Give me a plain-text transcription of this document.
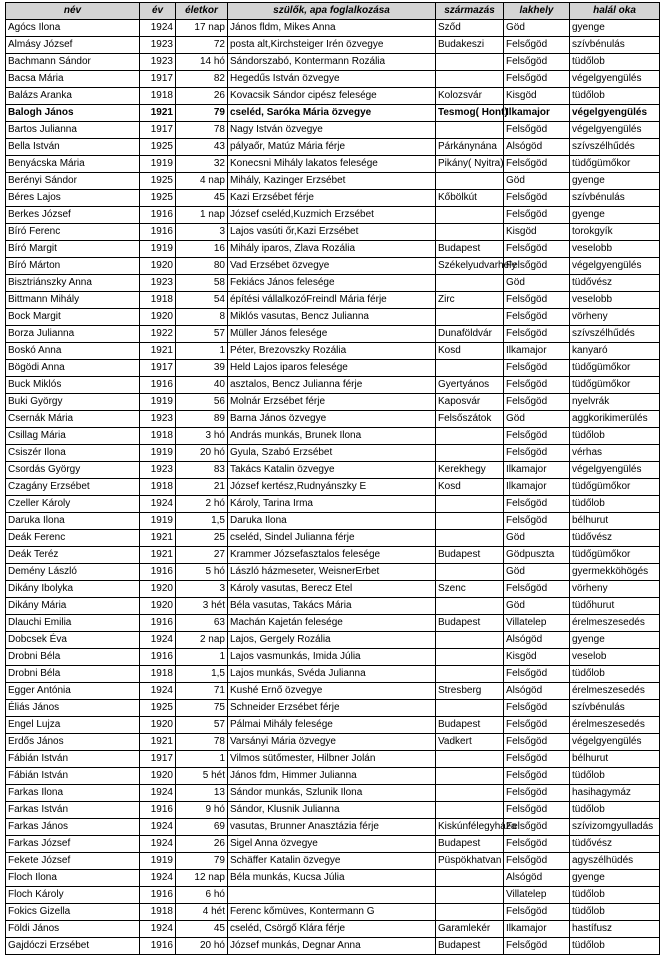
név	év	életkor	szülők, apa foglalkozása	származás	lakhely	halál oka
Agócs Ilona	1924	17 nap	János fldm, Mikes Anna	Sződ	Göd	gyenge
Almásy József	1923	72	posta alt,Kirchsteiger Irén özvegye	Budakeszi	Felsőgöd	szívbénulás
Bachmann Sándor	1923	14 hó	Sándorszabó, Kontermann Rozália		Felsőgöd	tüdőlob
Bacsa Mária	1917	82	Hegedűs István özvegye		Felsőgöd	végelgyengülés
Balázs Aranka	1918	26	Kovacsik Sándor cipész felesége	Kolozsvár	Kisgöd	tüdőlob
Balogh János	1921	79	cseléd, Saróka Mária özvegye	Tesmog( Hont)	Ilkamajor	végelgyengülés
Bartos Julianna	1917	78	Nagy István özvegye		Felsőgöd	végelgyengülés
Bella István	1925	43	pályaőr, Matúz Mária férje	Párkánynána	Alsógöd	szívszélhűdés
Benyácska Mária	1919	32	Konecsni Mihály lakatos felesége	Pikány( Nyitra)	Felsőgöd	tüdőgümőkor
Berényi Sándor	1925	4 nap	Mihály, Kazinger Erzsébet		Göd	gyenge
Béres Lajos	1925	45	Kazi Erzsébet férje	Kőbölkút	Felsőgöd	szívbénulás
Berkes József	1916	1 nap	József cseléd,Kuzmich Erzsébet		Felsőgöd	gyenge
Bíró Ferenc	1916	3	Lajos vasúti őr,Kazi Erzsébet		Kisgöd	torokgyík
Bíró Margit	1919	16	Mihály iparos, Zlava Rozália	Budapest	Felsőgöd	veselobb
Bíró Márton	1920	80	Vad Erzsébet özvegye	Székelyudvarhely	Felsőgöd	végelgyengülés
Bisztriánszky Anna	1923	58	Fekiács János felesége		Göd	tüdővész
Bittmann Mihály	1918	54	építési vállalkozóFreindl Mária férje	Zirc	Felsőgöd	veselobb
Bock Margit	1920	8	Miklós vasutas, Bencz Julianna		Felsőgöd	vörheny
Borza Julianna	1922	57	Müller János felesége	Dunaföldvár	Felsőgöd	szívszélhűdés
Boskó Anna	1921	1	Péter, Brezovszky Rozália	Kosd	Ilkamajor	kanyaró
Bögödi Anna	1917	39	Held Lajos iparos felesége		Felsőgöd	tüdőgümőkor
Buck Miklós	1916	40	asztalos, Bencz Julianna férje	Gyertyános	Felsőgöd	tüdőgümőkor
Buki György	1919	56	Molnár Erzsébet férje	Kaposvár	Felsőgöd	nyelvrák
Csernák Mária	1923	89	Barna János özvegye	Felsőszátok	Göd	aggkorikimerülés
Csillag Mária	1918	3 hó	András munkás, Brunek Ilona		Felsőgöd	tüdőlob
Csiszér Ilona	1919	20 hó	Gyula, Szabó Erzsébet		Felsőgöd	vérhas
Csordás György	1923	83	Takács Katalin özvegye	Kerekhegy	Ilkamajor	végelgyengülés
Czagány Erzsébet	1918	21	József kertész,Rudnyánszky E	Kosd	Ilkamajor	tüdőgümőkor
Czeller Károly	1924	2 hó	Károly, Tarina Irma		Felsőgöd	tüdőlob
Daruka Ilona	1919	1,5	Daruka Ilona		Felsőgöd	bélhurut
Deák Ferenc	1921	25	cseléd, Sindel Julianna férje		Göd	tüdővész
Deák Teréz	1921	27	Krammer Józsefasztalos felesége	Budapest	Gödpuszta	tüdőgümőkor
Demény László	1916	5 hó	László házmeseter, WeisnerErbet		Göd	gyermekköhögés
Dikány Ibolyka	1920	3	Károly vasutas, Berecz Etel	Szenc	Felsőgöd	vörheny
Dikány Mária	1920	3 hét	Béla vasutas, Takács Mária		Göd	tüdőhurut
Dlauchi Emilia	1916	63	Machán Kajetán felesége	Budapest	Villatelep	érelmeszesedés
Dobcsek Éva	1924	2 nap	Lajos, Gergely Rozália		Alsógöd	gyenge
Drobni Béla	1916	1	Lajos vasmunkás, Imida Júlia		Kisgöd	veselob
Drobni Béla	1918	1,5	Lajos munkás, Svéda Julianna		Felsőgöd	tüdőlob
Egger Antónia	1924	71	Kushé Ernő özvegye	Stresberg	Alsógöd	érelmeszesedés
Éliás János	1925	75	Schneider Erzsébet férje		Felsőgöd	szívbénulás
Engel Lujza	1920	57	Pálmai Mihály felesége	Budapest	Felsőgöd	érelmeszesedés
Erdős János	1921	78	Varsányi Mária özvegye	Vadkert	Felsőgöd	végelgyengülés
Fábián István	1917	1	Vilmos sütőmester, Hilbner Jolán		Felsőgöd	bélhurut
Fábián István	1920	5 hét	János fdm, Himmer Julianna		Felsőgöd	tüdőlob
Farkas Ilona	1924	13	Sándor munkás, Szlunik Ilona		Felsőgöd	hasihagymáz
Farkas István	1916	9 hó	Sándor, Klusnik Julianna		Felsőgöd	tüdőlob
Farkas János	1924	69	vasutas, Brunner Anasztázia férje	Kiskúnfélegyháza	Felsőgöd	szívizomgyulladás
Farkas József	1924	26	Sigel Anna özvegye	Budapest	Felsőgöd	tüdővész
Fekete József	1919	79	Schäffer Katalin özvegye	Püspökhatvan	Felsőgöd	agyszélhüdés
Floch Ilona	1924	12 nap	Béla munkás, Kucsa Júlia		Alsógöd	gyenge
Floch Károly	1916	6 hó			Villatelep	tüdőlob
Fokics Gizella	1918	4 hét	Ferenc kőmüves, Kontermann G		Felsőgöd	tüdőlob
Földi János	1924	45	cseléd, Csörgő Klára férje	Garamlekér	Ilkamajor	hastífusz
Gajdóczi Erzsébet	1916	20 hó	József munkás, Degnar Anna	Budapest	Felsőgöd	tüdőlob
